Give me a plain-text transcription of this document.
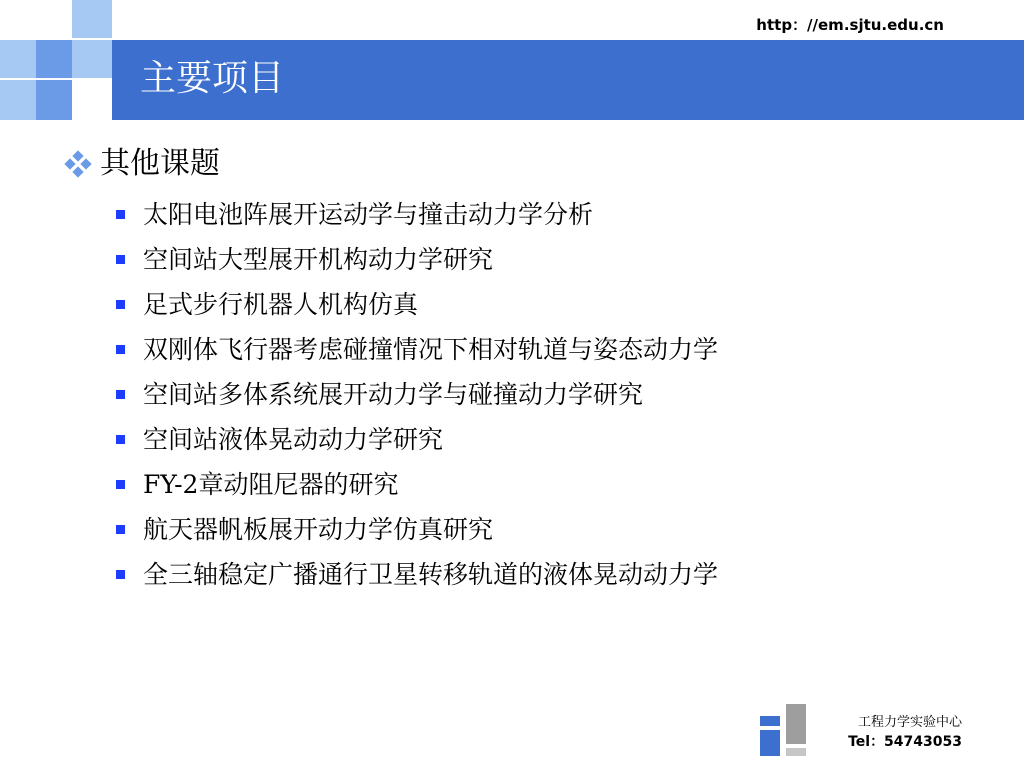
主要项目
http：//em.sjtu.edu.cn
其他课题
太阳电池阵展开运动学与撞击动力学分析
空间站大型展开机构动力学研究
足式步行机器人机构仿真
双刚体飞行器考虑碰撞情况下相对轨道与姿态动力学
空间站多体系统展开动力学与碰撞动力学研究
空间站液体晃动动力学研究
FY-2章动阻尼器的研究
航天器帆板展开动力学仿真研究
全三轴稳定广播通行卫星转移轨道的液体晃动动力学
工程力学实验中心
Tel：54743053
